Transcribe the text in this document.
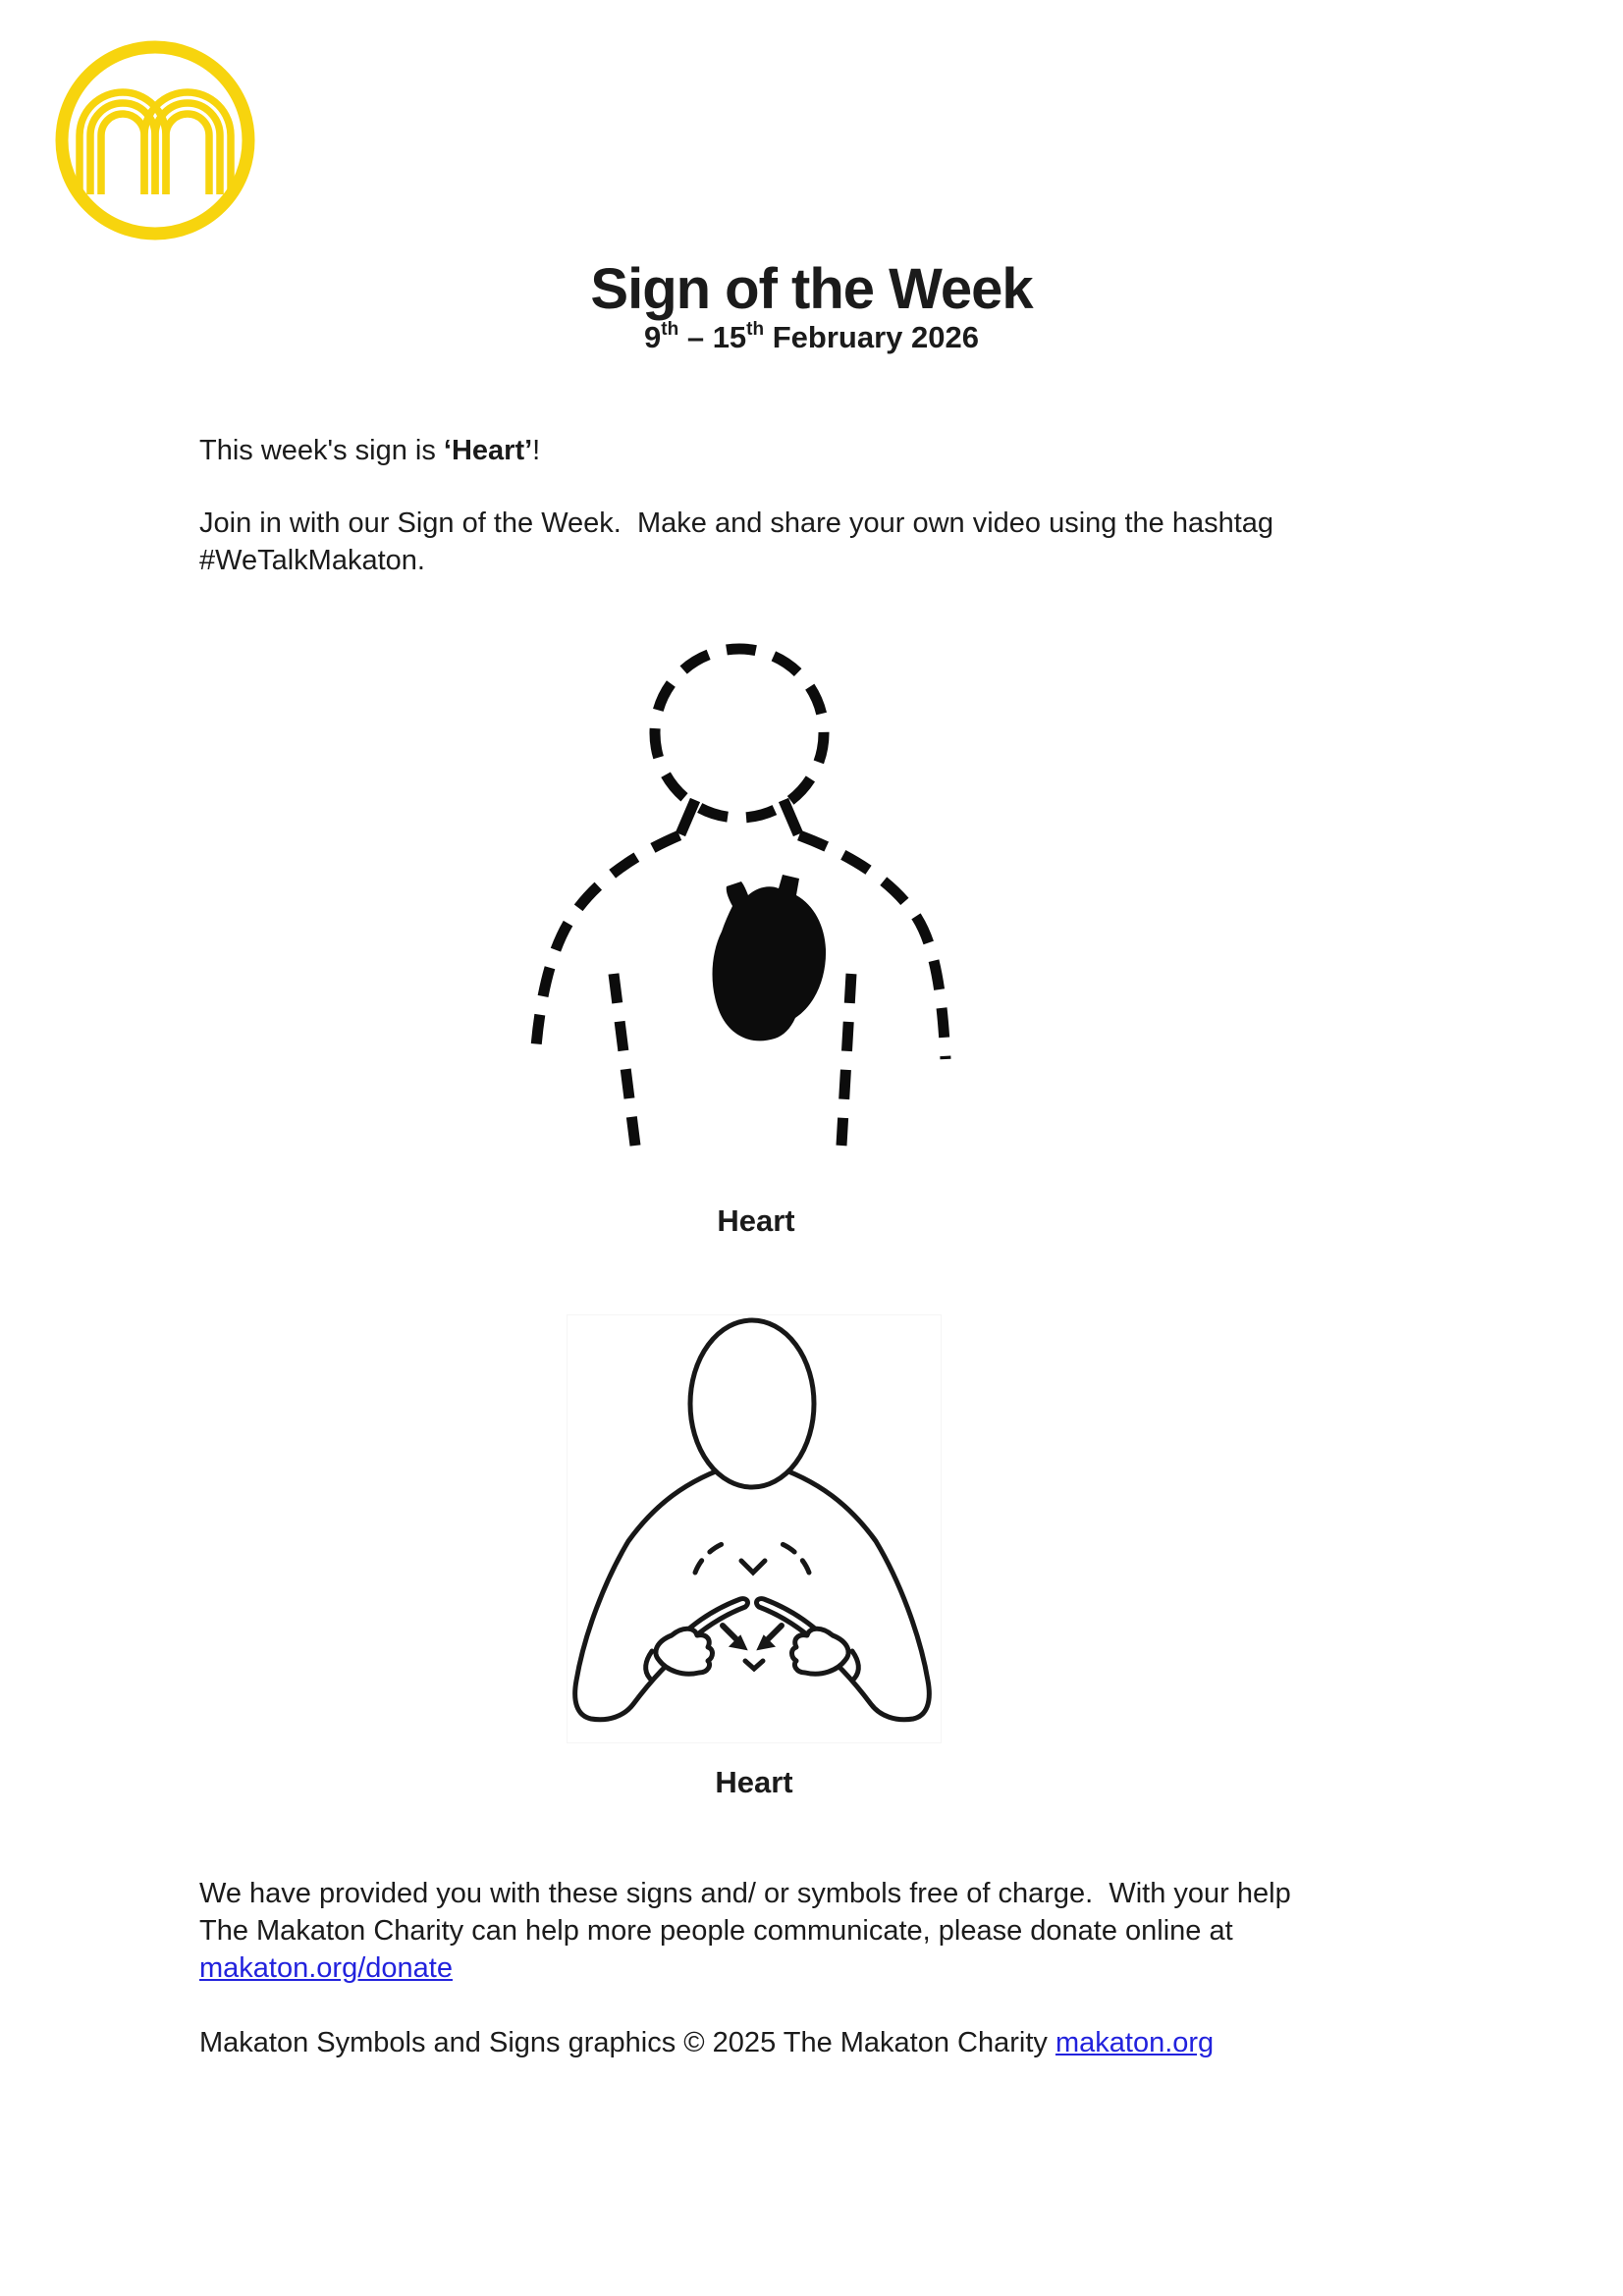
Sign of the Week
9th – 15th February 2026
This week's sign is ‘Heart’!
Join in with our Sign of the Week.  Make and share your own video using the hashtag
#WeTalkMakaton.
Heart
Heart
We have provided you with these signs and/ or symbols free of charge.  With your help
The Makaton Charity can help more people communicate, please donate online at
makaton.org/donate
Makaton Symbols and Signs graphics © 2025 The Makaton Charity makaton.org
